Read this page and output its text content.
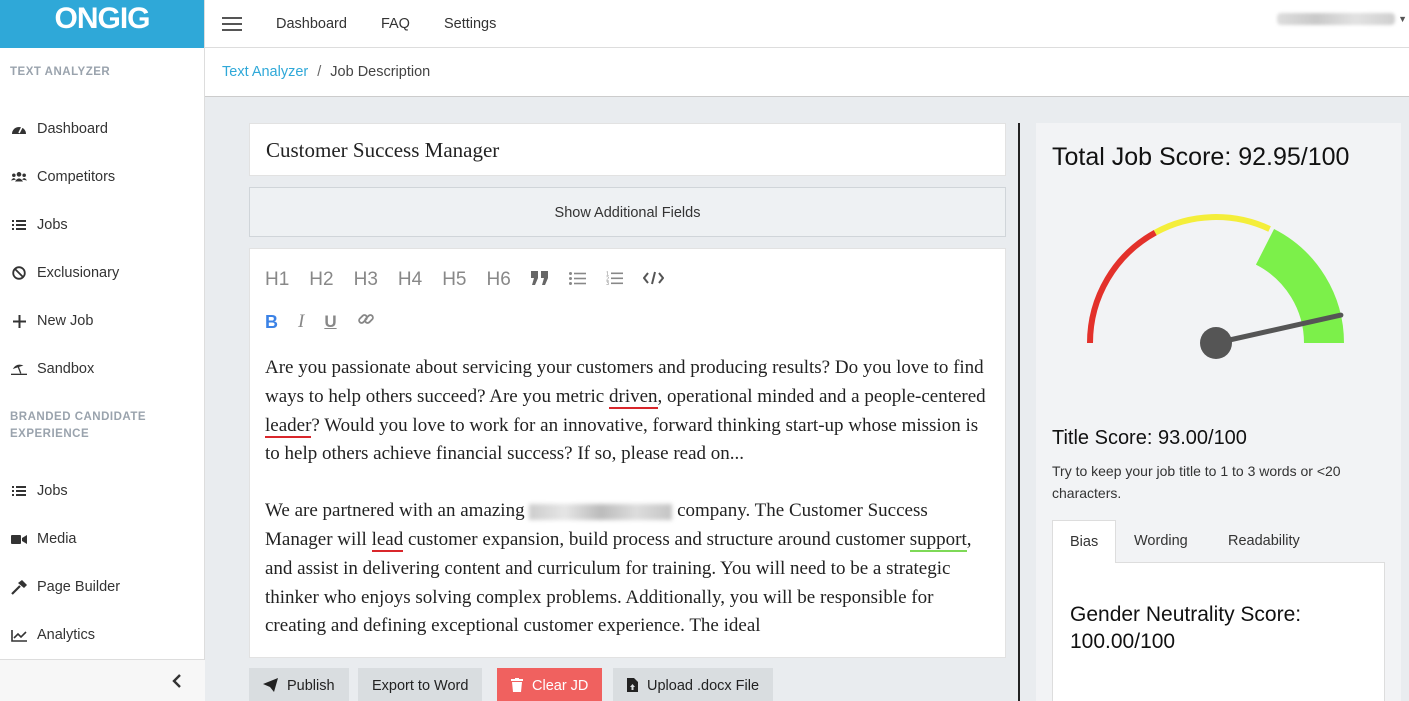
ONGIG
TEXT ANALYZER
Dashboard
Competitors
Jobs
Exclusionary
New Job
Sandbox
BRANDED CANDIDATE EXPERIENCE
Jobs
Media
Page Builder
Analytics
Dashboard FAQ Settings	▼
Text Analyzer / Job Description
Customer Success Manager
Show Additional Fields
H1 H2 H3 H4 H5 H6	1
2
3
B I U

Are you passionate about servicing your customers and producing results? Do you love to find ways to help others succeed? Are you metric driven, operational minded and a people-centered leader? Would you love to work for an innovative, forward thinking start-up whose mission is to help others achieve financial success? If so, please read on...

We are partnered with an amazing	company. The Customer Success Manager will lead customer expansion, build process and structure around customer support, and assist in delivering content and curriculum for training. You will need to be a strategic thinker who enjoys solving complex problems. Additionally, you will be responsible for creating and defining exceptional customer experience. The ideal

Publish	Export to Word	Clear JD	Upload .docx File
Total Job Score: 92.95/100
Title Score: 93.00/100
Try to keep your job title to 1 to 3 words or <20 characters.
Bias	Wording	Readability
Gender Neutrality Score: 100.00/100
